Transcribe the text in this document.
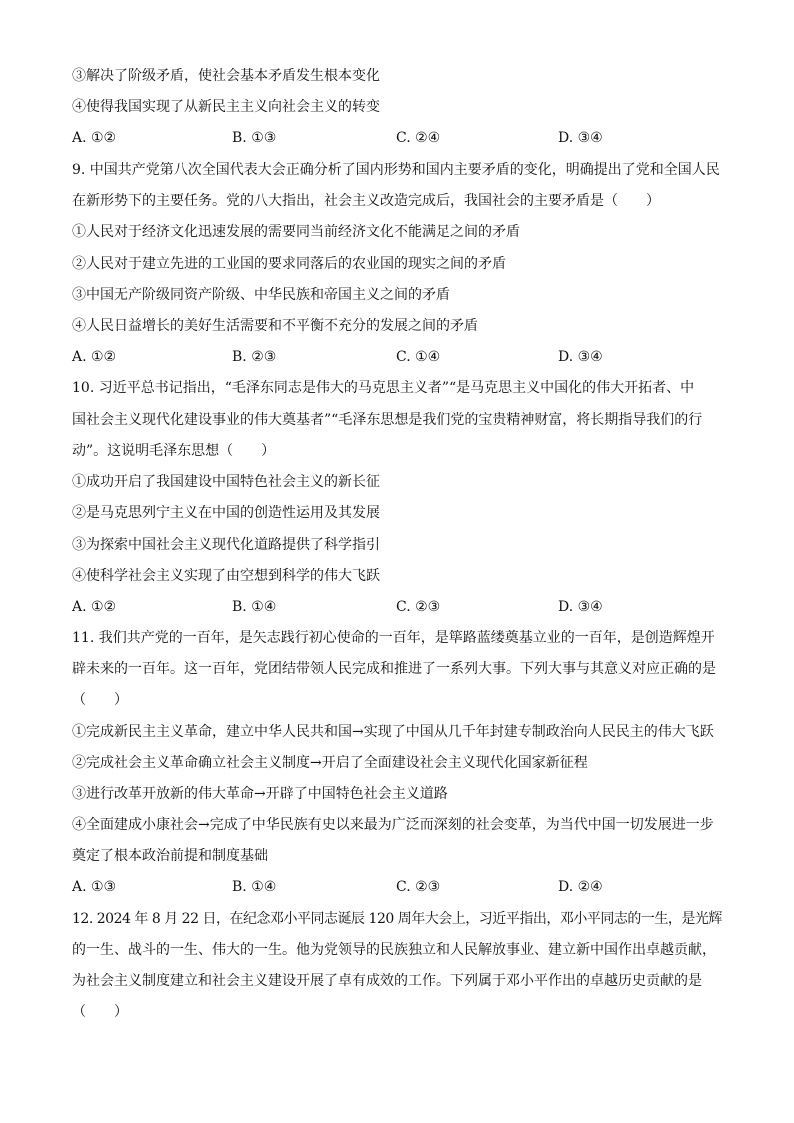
③解决了阶级矛盾，使社会基本矛盾发生根本变化
④使得我国实现了从新民主主义向社会主义的转变
A. ①②	B. ①③	C. ②④	D. ③④
9. 中国共产党第八次全国代表大会正确分析了国内形势和国内主要矛盾的变化，明确提出了党和全国人民
在新形势下的主要任务。党的八大指出，社会主义改造完成后，我国社会的主要矛盾是（　　）
①人民对于经济文化迅速发展的需要同当前经济文化不能满足之间的矛盾
②人民对于建立先进的工业国的要求同落后的农业国的现实之间的矛盾
③中国无产阶级同资产阶级、中华民族和帝国主义之间的矛盾
④人民日益增长的美好生活需要和不平衡不充分的发展之间的矛盾
A. ①②	B. ②③	C. ①④	D. ③④
10. 习近平总书记指出，“毛泽东同志是伟大的马克思主义者”“是马克思主义中国化的伟大开拓者、中
国社会主义现代化建设事业的伟大奠基者”“毛泽东思想是我们党的宝贵精神财富，将长期指导我们的行
动”。这说明毛泽东思想（　　）
①成功开启了我国建设中国特色社会主义的新长征
②是马克思列宁主义在中国的创造性运用及其发展
③为探索中国社会主义现代化道路提供了科学指引
④使科学社会主义实现了由空想到科学的伟大飞跃
A. ①②	B. ①④	C. ②③	D. ③④
11. 我们共产党的一百年，是矢志践行初心使命的一百年，是筚路蓝缕奠基立业的一百年，是创造辉煌开
辟未来的一百年。这一百年，党团结带领人民完成和推进了一系列大事。下列大事与其意义对应正确的是
（　　）
①完成新民主主义革命，建立中华人民共和国→实现了中国从几千年封建专制政治向人民民主的伟大飞跃
②完成社会主义革命确立社会主义制度→开启了全面建设社会主义现代化国家新征程
③进行改革开放新的伟大革命→开辟了中国特色社会主义道路
④全面建成小康社会→完成了中华民族有史以来最为广泛而深刻的社会变革，为当代中国一切发展进一步
奠定了根本政治前提和制度基础
A. ①③	B. ①④	C. ②③	D. ②④
12. 2024 年 8 月 22 日，在纪念邓小平同志诞辰 120 周年大会上，习近平指出，邓小平同志的一生，是光辉
的一生、战斗的一生、伟大的一生。他为党领导的民族独立和人民解放事业、建立新中国作出卓越贡献，
为社会主义制度建立和社会主义建设开展了卓有成效的工作。下列属于邓小平作出的卓越历史贡献的是
（　　）
